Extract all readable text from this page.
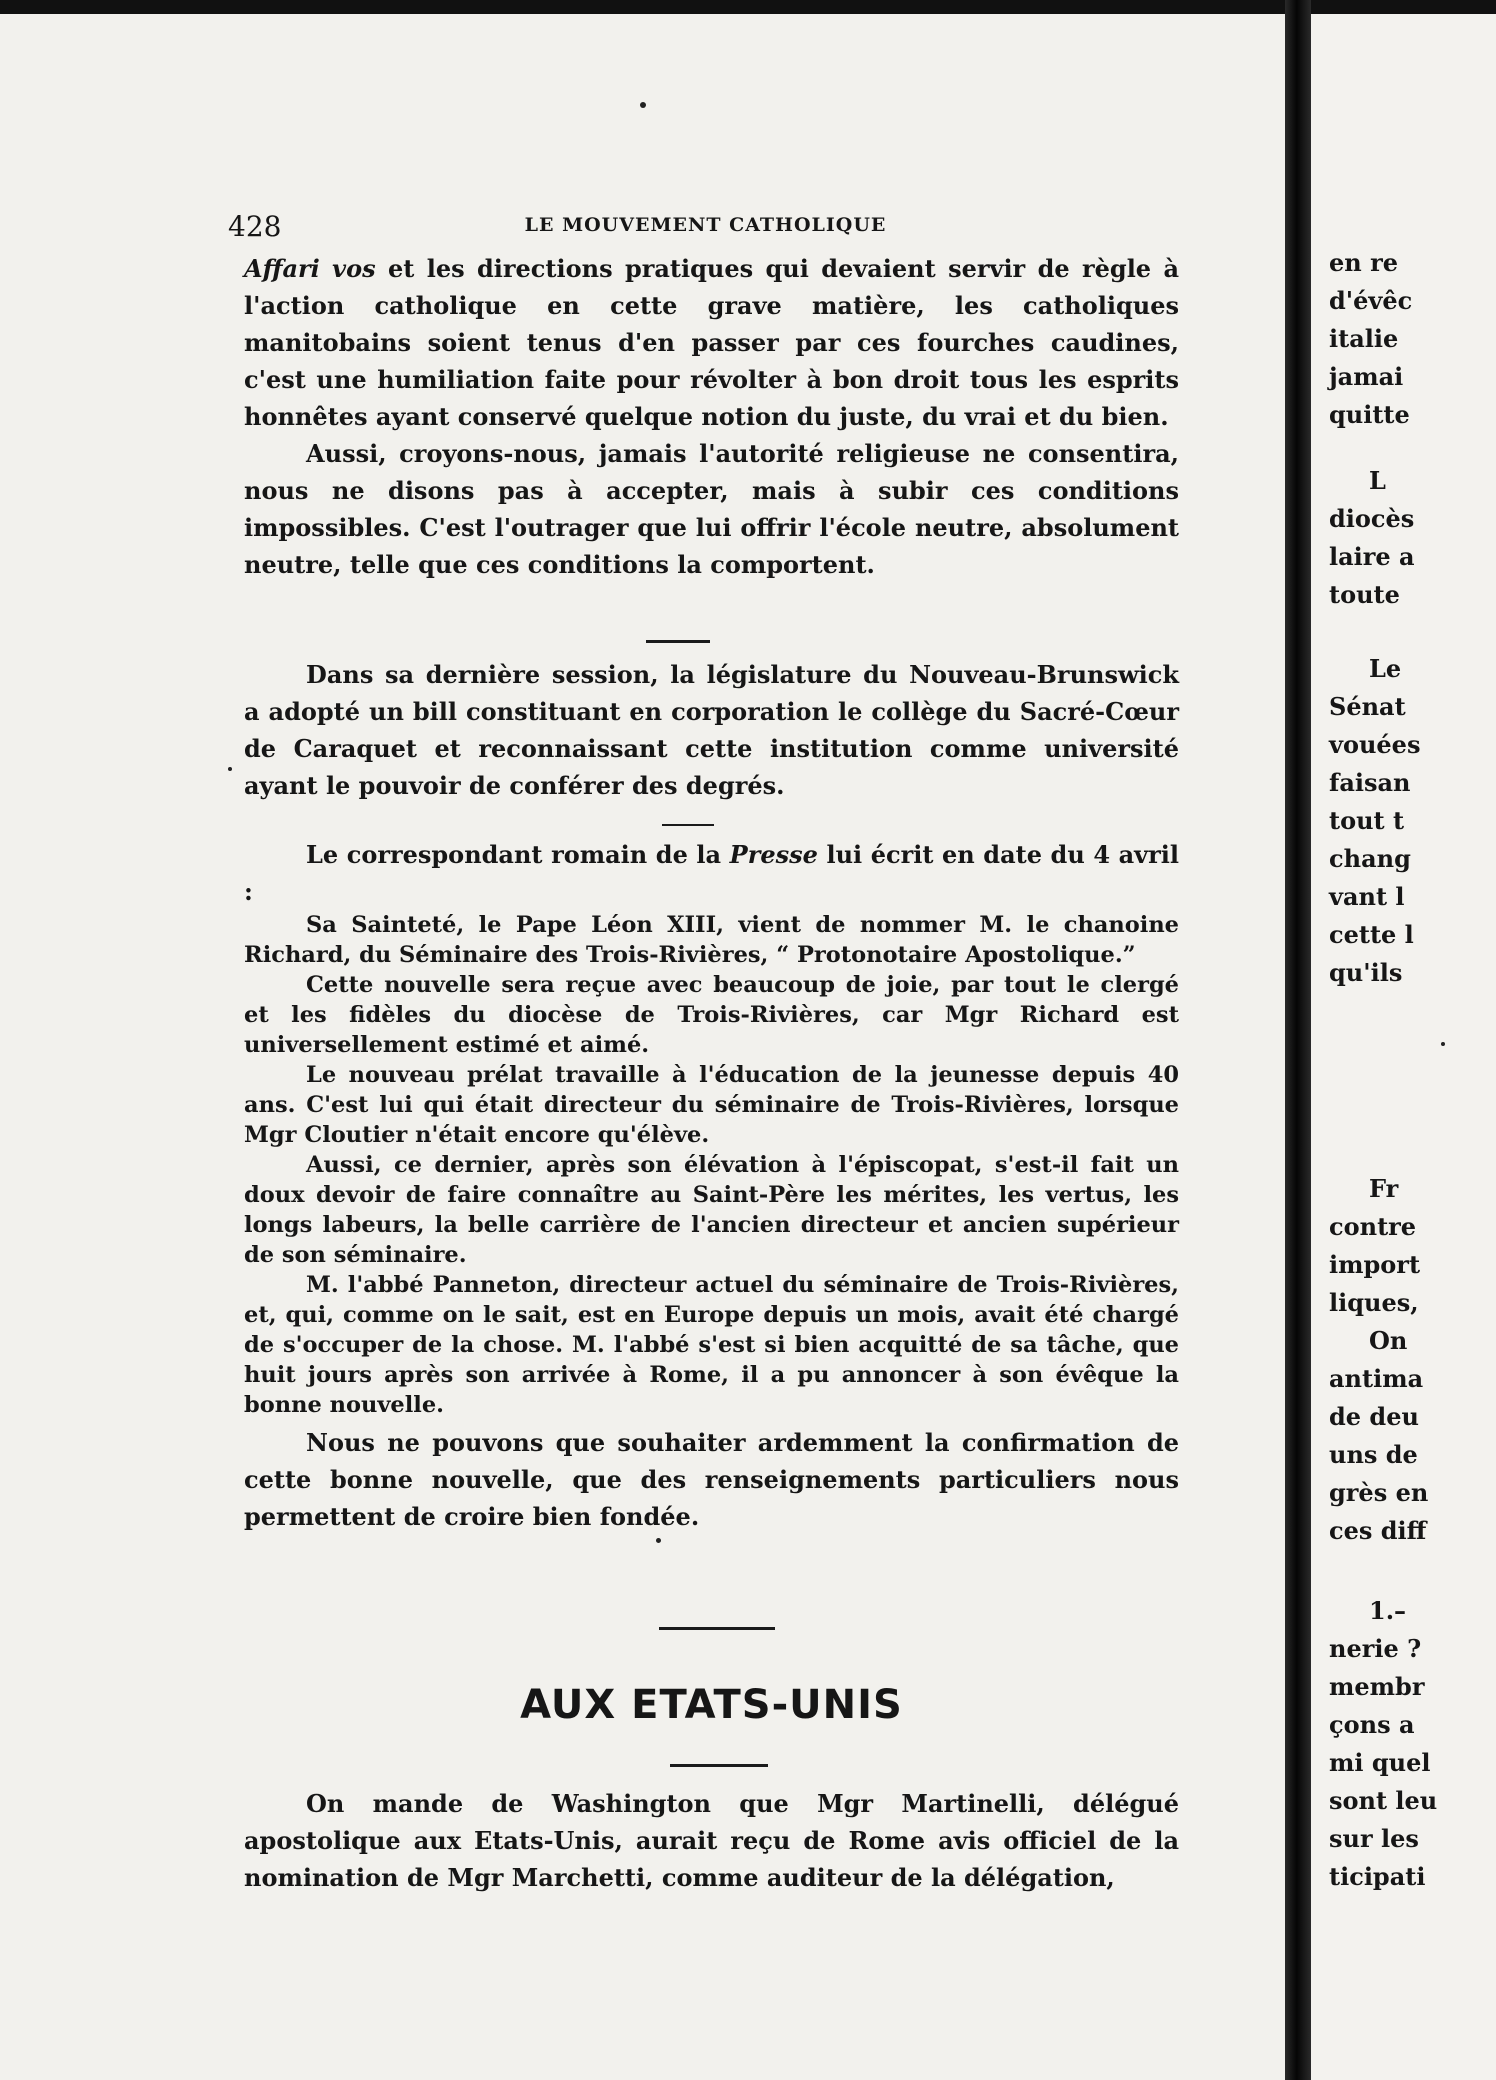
428	LE MOUVEMENT CATHOLIQUE

Affari vos et les directions pratiques qui devaient servir de règle à l'action catholique en cette grave matière, les catholiques manitobains soient tenus d'en passer par ces fourches caudines, c'est une humiliation faite pour révolter à bon droit tous les esprits honnêtes ayant conservé quelque notion du juste, du vrai et du bien.

Aussi, croyons-nous, jamais l'autorité religieuse ne consentira, nous ne disons pas à accepter, mais à subir ces conditions impossibles. C'est l'outrager que lui offrir l'école neutre, absolument neutre, telle que ces conditions la comportent.

Dans sa dernière session, la législature du Nouveau-Brunswick a adopté un bill constituant en corporation le collège du Sacré-Cœur de Caraquet et reconnaissant cette institution comme université ayant le pouvoir de conférer des degrés.

Le correspondant romain de la Presse lui écrit en date du 4 avril :

Sa Sainteté, le Pape Léon XIII, vient de nommer M. le chanoine Richard, du Séminaire des Trois-Rivières, “ Protonotaire Apostolique.”

Cette nouvelle sera reçue avec beaucoup de joie, par tout le clergé et les fidèles du diocèse de Trois-Rivières, car Mgr Richard est universellement estimé et aimé.

Le nouveau prélat travaille à l'éducation de la jeunesse depuis 40 ans. C'est lui qui était directeur du séminaire de Trois-Rivières, lorsque Mgr Cloutier n'était encore qu'élève.

Aussi, ce dernier, après son élévation à l'épiscopat, s'est-il fait un doux devoir de faire connaître au Saint-Père les mérites, les vertus, les longs labeurs, la belle carrière de l'ancien directeur et ancien supérieur de son séminaire.

M. l'abbé Panneton, directeur actuel du séminaire de Trois-Rivières, et, qui, comme on le sait, est en Europe depuis un mois, avait été chargé de s'occuper de la chose. M. l'abbé s'est si bien acquitté de sa tâche, que huit jours après son arrivée à Rome, il a pu annoncer à son évêque la bonne nouvelle.

Nous ne pouvons que souhaiter ardemment la confirmation de cette bonne nouvelle, que des renseignements particuliers nous permettent de croire bien fondée.

AUX ETATS-UNIS

On mande de Washington que Mgr Martinelli, délégué apostolique aux Etats-Unis, aurait reçu de Rome avis officiel de la nomination de Mgr Marchetti, comme auditeur de la délégation,

en re
d'évêc
italie
jamai
quitte
L
diocès
laire a
toute
Le
Sénat
vouées
faisan
tout t
chang
vant l
cette l
qu'ils
Fr
contre
import
liques,
On
antima
de deu
uns de
grès en
ces diff
1.–
nerie ?
membr
çons a
mi quel
sont leu
sur les
ticipati
